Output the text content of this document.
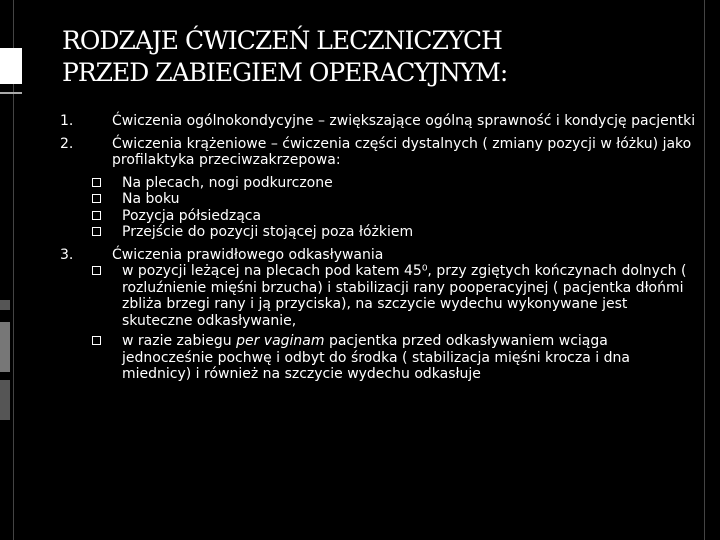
RODZAJE ĆWICZEŃ LECZNICZYCH
PRZED ZABIEGIEM OPERACYJNYM:
1.	Ćwiczenia ogólnokondycyjne – zwiększające ogólną sprawność i kondycję pacjentki
2.	Ćwiczenia krążeniowe – ćwiczenia części dystalnych ( zmiany pozycji w łóżku) jako profilaktyka przeciwzakrzepowa:
Na plecach, nogi podkurczone
Na boku
Pozycja półsiedząca
Przejście do pozycji stojącej poza łóżkiem
3.	Ćwiczenia prawidłowego odkasływania
w pozycji leżącej na plecach pod katem 45⁰, przy zgiętych kończynach dolnych ( rozluźnienie mięśni brzucha) i stabilizacji rany pooperacyjnej ( pacjentka dłońmi zbliża brzegi rany i ją przyciska), na szczycie wydechu wykonywane jest skuteczne odkasływanie,
w razie zabiegu per vaginam pacjentka przed odkasływaniem wciąga jednocześnie pochwę i odbyt do środka ( stabilizacja mięśni krocza i dna miednicy) i również na szczycie wydechu odkasłuje
